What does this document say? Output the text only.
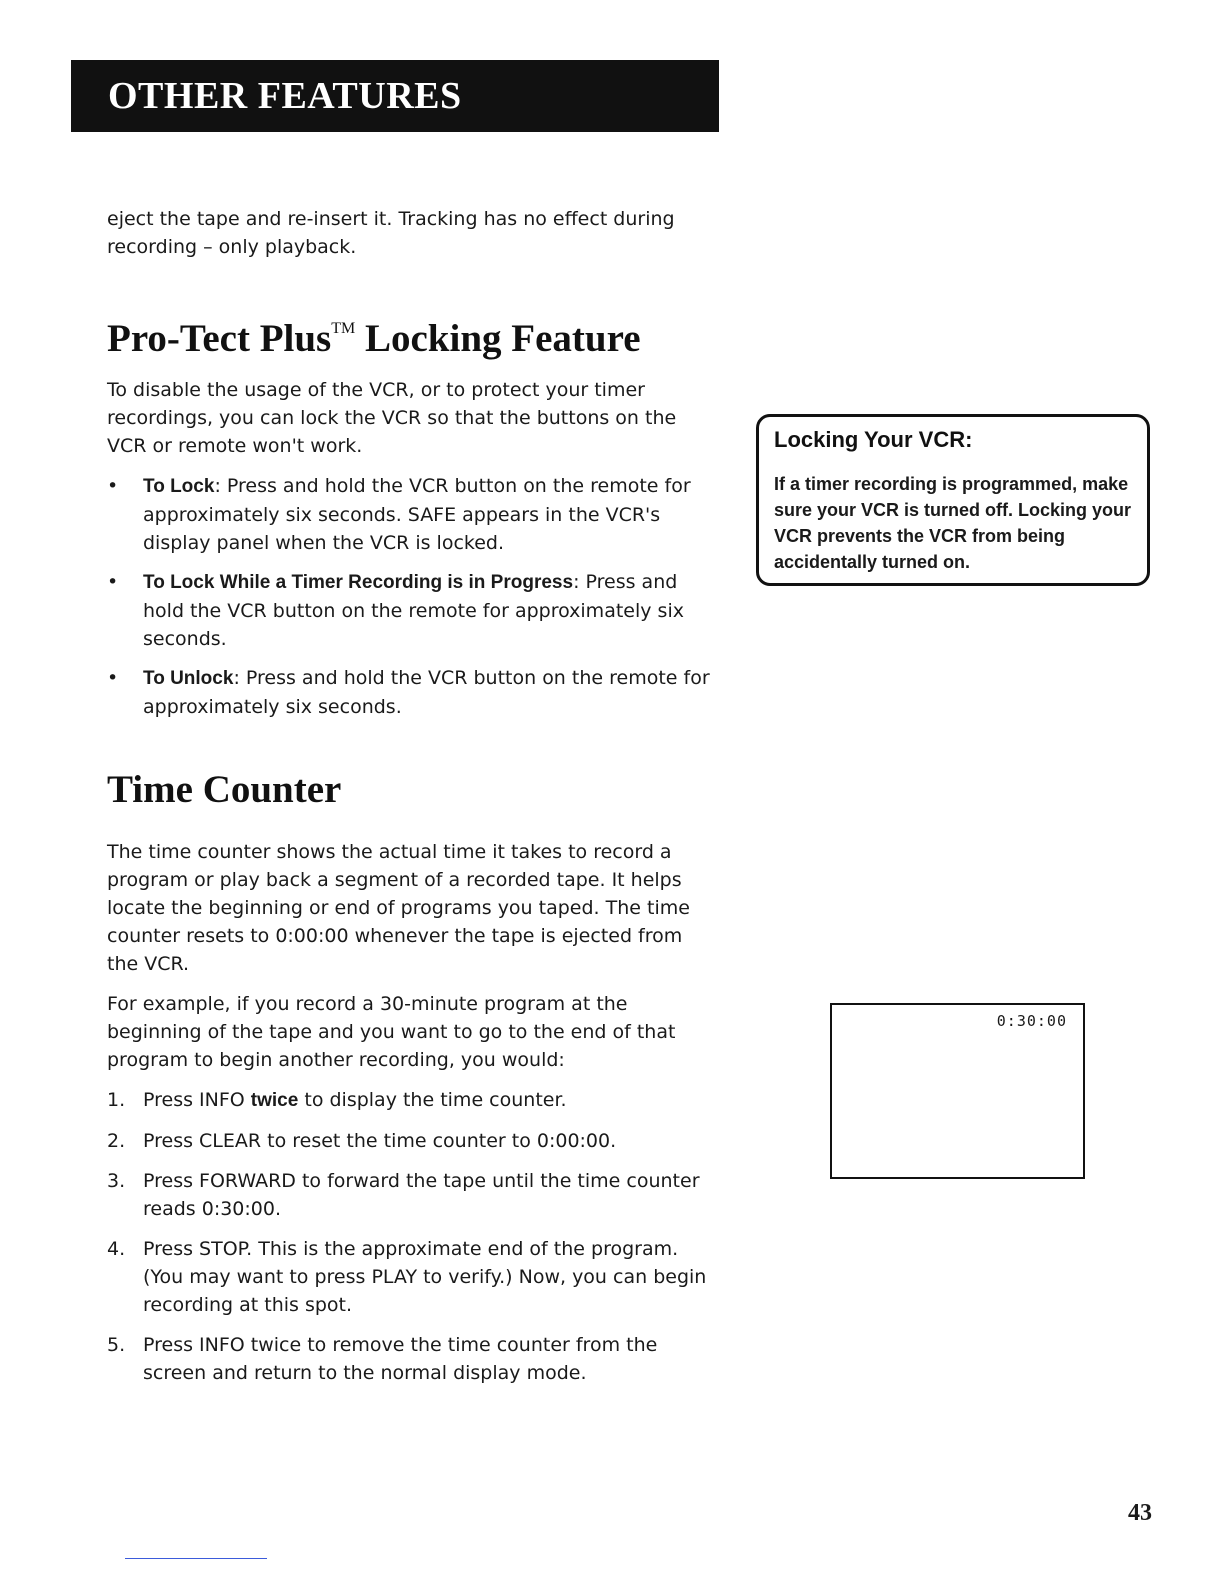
OTHER FEATURES

eject the tape and re-insert it. Tracking has no effect during recording – only playback.

Pro-Tect Plus™ Locking Feature

To disable the usage of the VCR, or to protect your timer recordings, you can lock the VCR so that the buttons on the VCR or remote won't work.

• To Lock: Press and hold the VCR button on the remote for approximately six seconds. SAFE appears in the VCR's display panel when the VCR is locked.
• To Lock While a Timer Recording is in Progress: Press and hold the VCR button on the remote for approximately six seconds.
• To Unlock: Press and hold the VCR button on the remote for approximately six seconds.
Locking Your VCR:

If a timer recording is programmed, make sure your VCR is turned off. Locking your VCR prevents the VCR from being accidentally turned on.

Time Counter

The time counter shows the actual time it takes to record a program or play back a segment of a recorded tape. It helps locate the beginning or end of programs you taped. The time counter resets to 0:00:00 whenever the tape is ejected from the VCR.

For example, if you record a 30-minute program at the beginning of the tape and you want to go to the end of that program to begin another recording, you would:

1. Press INFO twice to display the time counter.
2. Press CLEAR to reset the time counter to 0:00:00.
3. Press FORWARD to forward the tape until the time counter reads 0:30:00.
4. Press STOP. This is the approximate end of the program. (You may want to press PLAY to verify.) Now, you can begin recording at this spot.
5. Press INFO twice to remove the time counter from the screen and return to the normal display mode.
0:30:00
43
